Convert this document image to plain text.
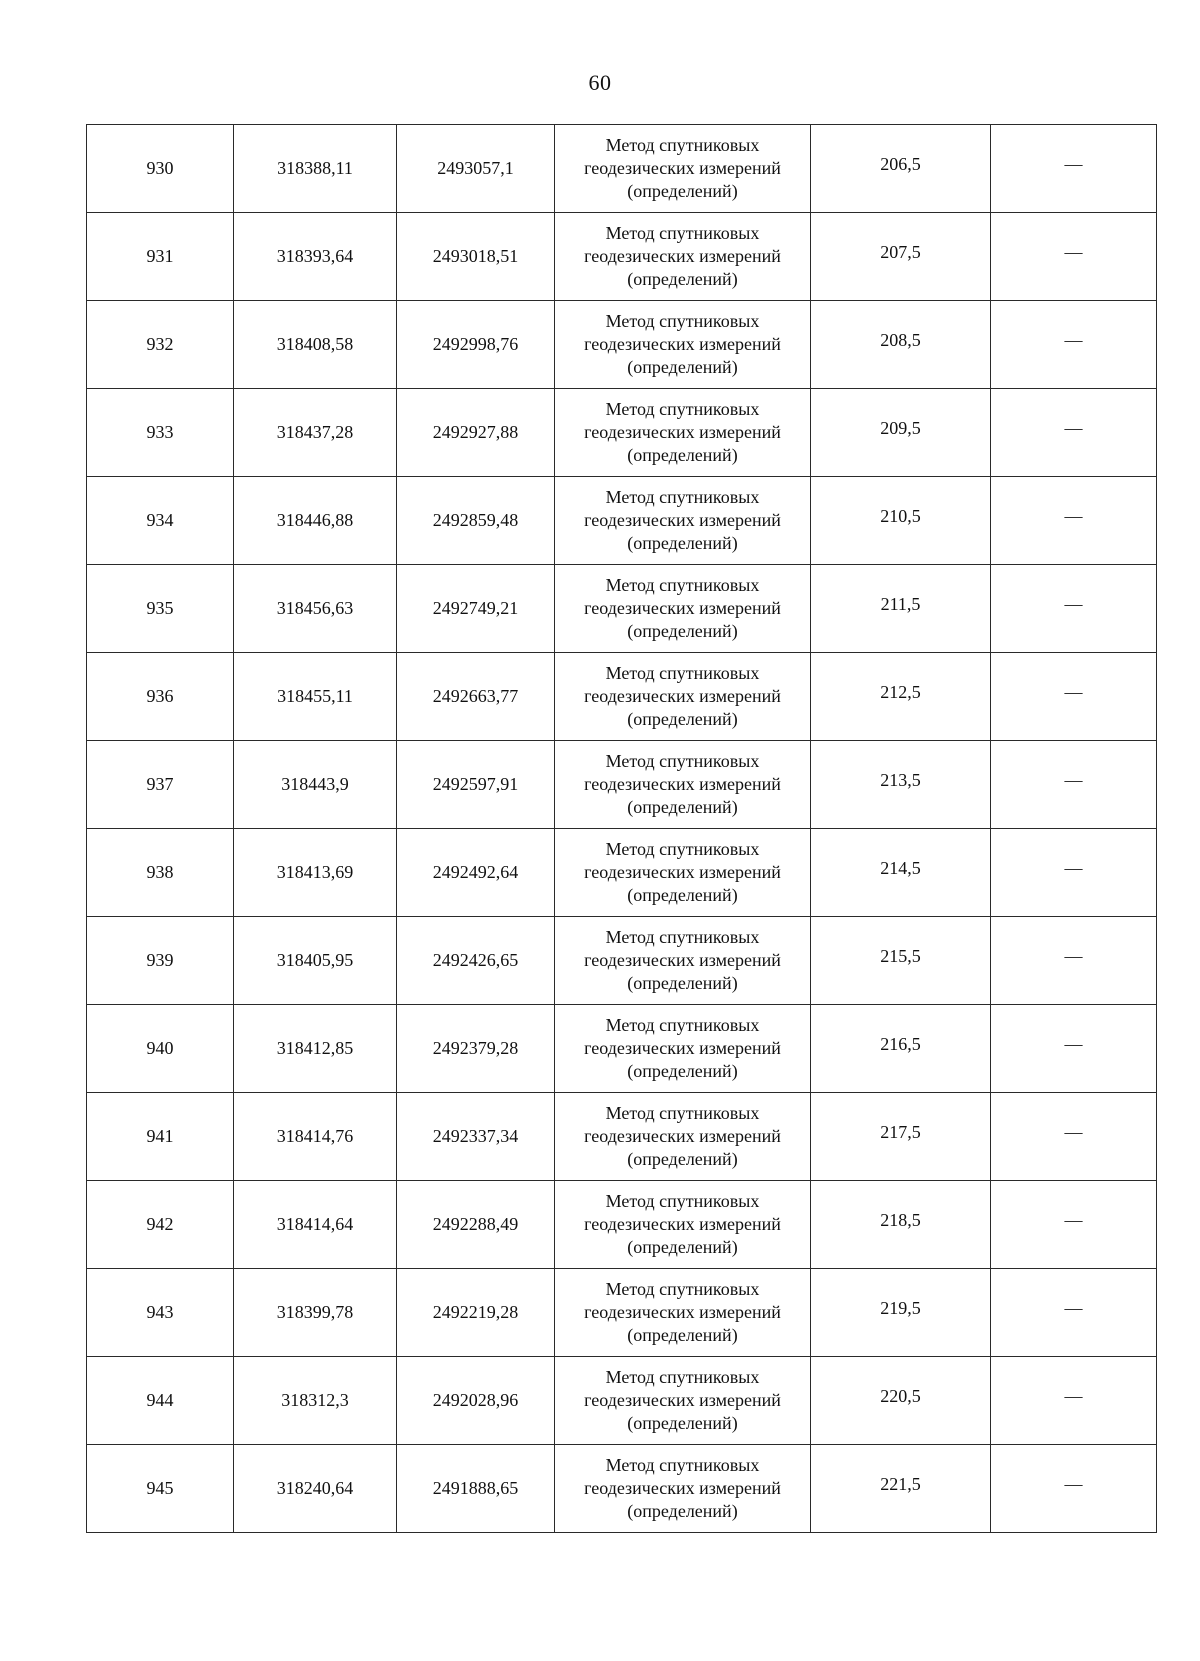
60
930	318388,11	2493057,1	Метод спутниковых геодезических измерений (определений)	206,5	—
931	318393,64	2493018,51	Метод спутниковых геодезических измерений (определений)	207,5	—
932	318408,58	2492998,76	Метод спутниковых геодезических измерений (определений)	208,5	—
933	318437,28	2492927,88	Метод спутниковых геодезических измерений (определений)	209,5	—
934	318446,88	2492859,48	Метод спутниковых геодезических измерений (определений)	210,5	—
935	318456,63	2492749,21	Метод спутниковых геодезических измерений (определений)	211,5	—
936	318455,11	2492663,77	Метод спутниковых геодезических измерений (определений)	212,5	—
937	318443,9	2492597,91	Метод спутниковых геодезических измерений (определений)	213,5	—
938	318413,69	2492492,64	Метод спутниковых геодезических измерений (определений)	214,5	—
939	318405,95	2492426,65	Метод спутниковых геодезических измерений (определений)	215,5	—
940	318412,85	2492379,28	Метод спутниковых геодезических измерений (определений)	216,5	—
941	318414,76	2492337,34	Метод спутниковых геодезических измерений (определений)	217,5	—
942	318414,64	2492288,49	Метод спутниковых геодезических измерений (определений)	218,5	—
943	318399,78	2492219,28	Метод спутниковых геодезических измерений (определений)	219,5	—
944	318312,3	2492028,96	Метод спутниковых геодезических измерений (определений)	220,5	—
945	318240,64	2491888,65	Метод спутниковых геодезических измерений (определений)	221,5	—
